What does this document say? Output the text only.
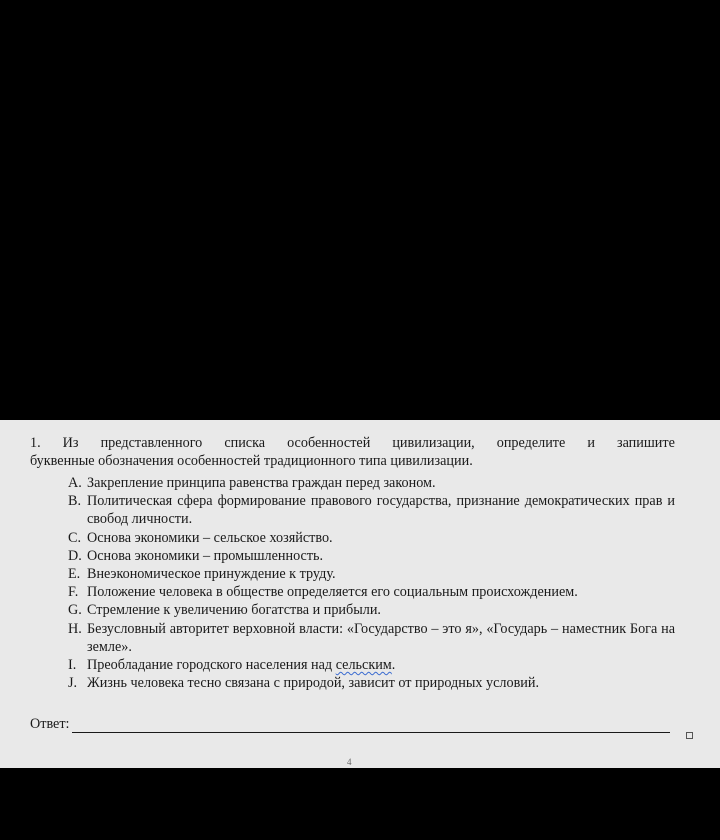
1. Из представленного списка особенностей цивилизации, определите и запишите
буквенные обозначения особенностей традиционного типа цивилизации.
A. Закрепление принципа равенства граждан перед законом.
B. Политическая сфера формирование правового государства, признание демократических прав и свобод личности.
C. Основа экономики – сельское хозяйство.
D. Основа экономики – промышленность.
E. Внеэкономическое принуждение к труду.
F. Положение человека в обществе определяется его социальным происхождением.
G. Стремление к увеличению богатства и прибыли.
H. Безусловный авторитет верховной власти: «Государство – это я», «Государь – наместник Бога на земле».
I. Преобладание городского населения над сельским.
J. Жизнь человека тесно связана с природой, зависит от природных условий.
Ответ:
4
